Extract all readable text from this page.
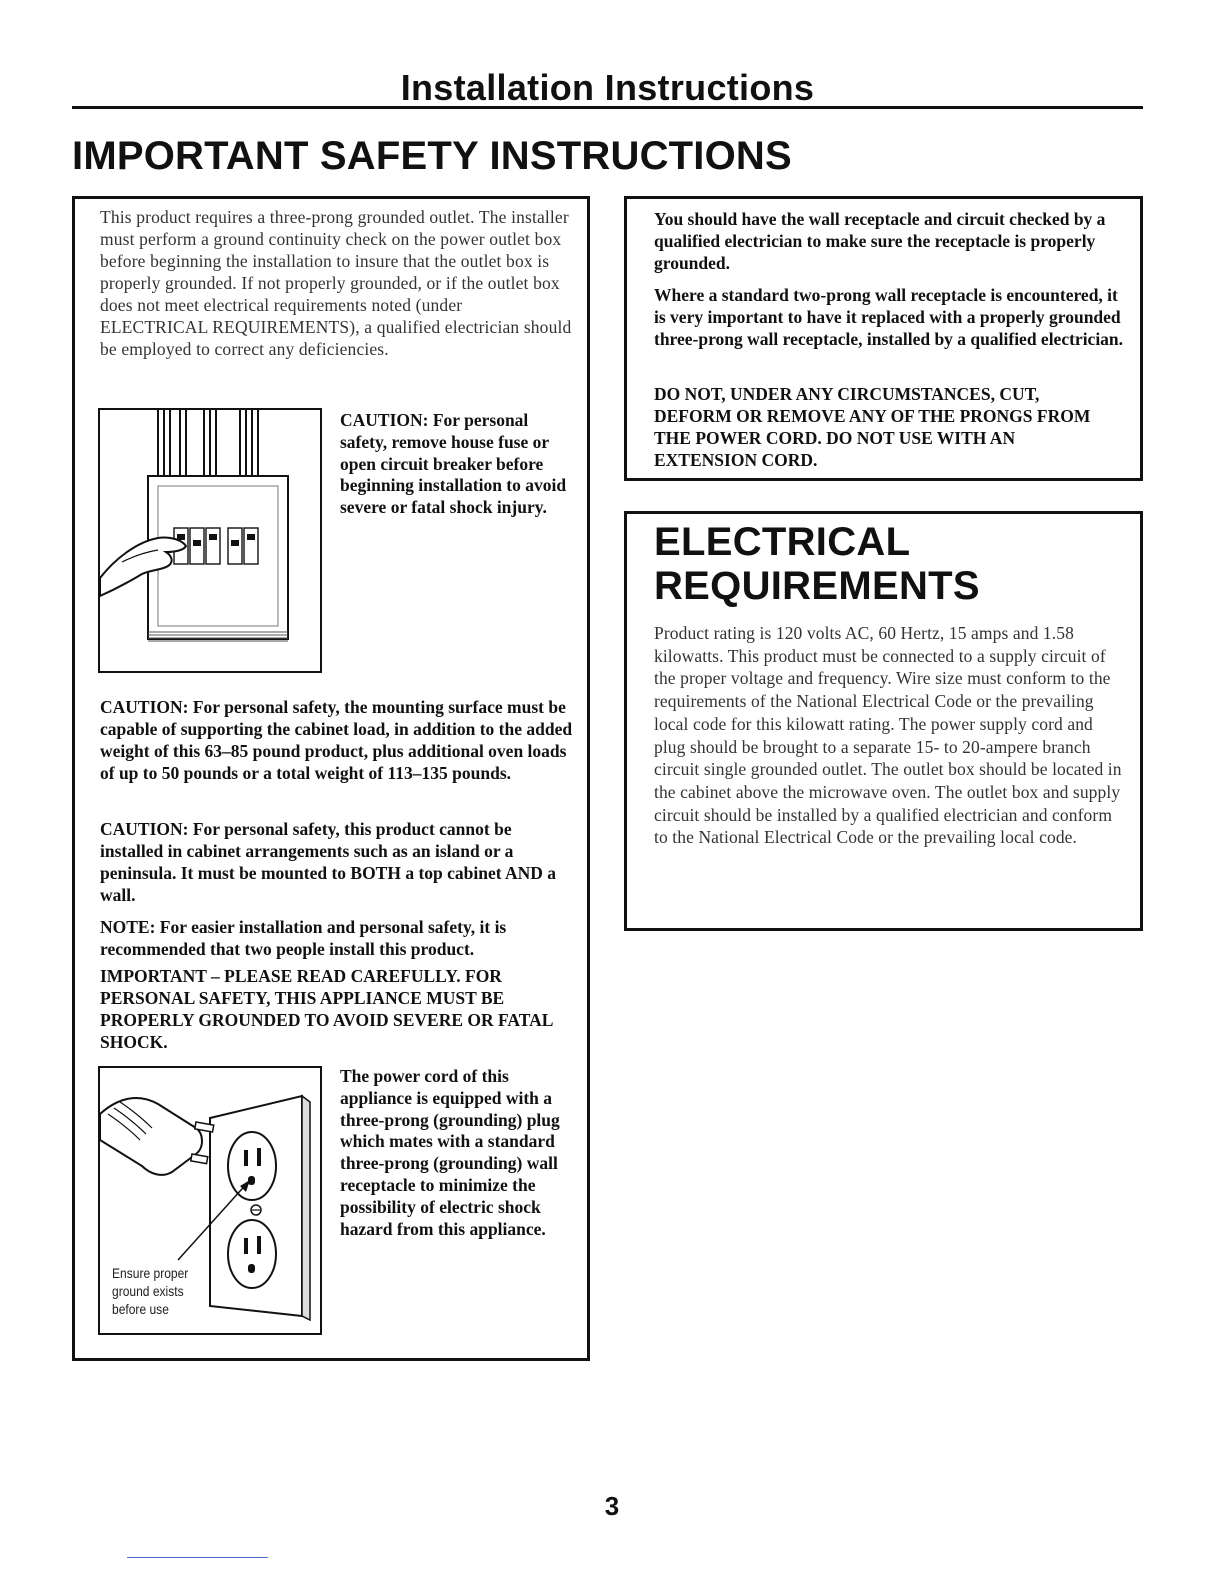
Installation Instructions
IMPORTANT SAFETY INSTRUCTIONS
This product requires a three-prong grounded outlet. The installer must perform a ground continuity check on the power outlet box before beginning the installation to insure that the outlet box is properly grounded. If not properly grounded, or if the outlet box does not meet electrical requirements noted (under ELECTRICAL REQUIREMENTS), a qualified electrician should be employed to correct any deficiencies.
CAUTION: For personal safety, remove house fuse or open circuit breaker before beginning installation to avoid severe or fatal shock injury.
CAUTION: For personal safety, the mounting surface must be capable of supporting the cabinet load, in addition to the added weight of this 63–85 pound product, plus additional oven loads of up to 50 pounds or a total weight of 113–135 pounds.
CAUTION: For personal safety, this product cannot be installed in cabinet arrangements such as an island or a peninsula. It must be mounted to BOTH a top cabinet AND a wall.
NOTE: For easier installation and personal safety, it is recommended that two people install this product.
IMPORTANT – PLEASE READ CAREFULLY. FOR PERSONAL SAFETY, THIS APPLIANCE MUST BE PROPERLY GROUNDED TO AVOID SEVERE OR FATAL SHOCK.
Ensure proper
ground exists
before use
The power cord of this appliance is equipped with a three-prong (grounding) plug which mates with a standard three-prong (grounding) wall receptacle to minimize the possibility of electric shock hazard from this appliance.
You should have the wall receptacle and circuit checked by a qualified electrician to make sure the receptacle is properly grounded.
Where a standard two-prong wall receptacle is encountered, it is very important to have it replaced with a properly grounded three-prong wall receptacle, installed by a qualified electrician.
DO NOT, UNDER ANY CIRCUMSTANCES, CUT, DEFORM OR REMOVE ANY OF THE PRONGS FROM THE POWER CORD. DO NOT USE WITH AN EXTENSION CORD.
ELECTRICAL
REQUIREMENTS
Product rating is 120 volts AC, 60 Hertz, 15 amps and 1.58 kilowatts. This product must be connected to a supply circuit of the proper voltage and frequency. Wire size must conform to the requirements of the National Electrical Code or the prevailing local code for this kilowatt rating. The power supply cord and plug should be brought to a separate 15- to 20-ampere branch circuit single grounded outlet. The outlet box should be located in the cabinet above the microwave oven. The outlet box and supply circuit should be installed by a qualified electrician and conform to the National Electrical Code or the prevailing local code.
3
